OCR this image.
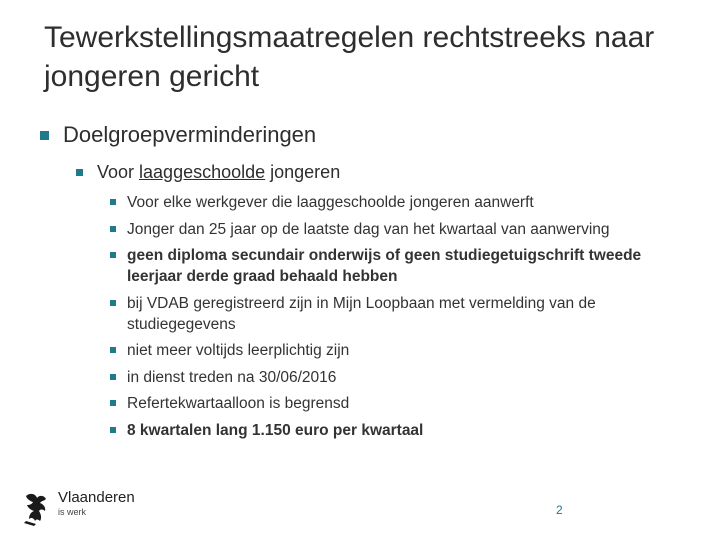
Tewerkstellingsmaatregelen rechtstreeks naar jongeren gericht
Doelgroepverminderingen
Voor laaggeschoolde jongeren
Voor elke werkgever die laaggeschoolde jongeren aanwerft
Jonger dan 25 jaar op de laatste dag van het kwartaal van aanwerving
geen diploma secundair onderwijs of geen studiegetuigschrift tweede leerjaar derde graad behaald hebben
bij VDAB geregistreerd zijn in Mijn Loopbaan met vermelding van de studiegegevens
niet meer voltijds leerplichtig zijn
in dienst treden na 30/06/2016
Refertekwartaalloon is begrensd
8 kwartalen lang 1.150 euro per kwartaal
Vlaanderen
is werk	2
